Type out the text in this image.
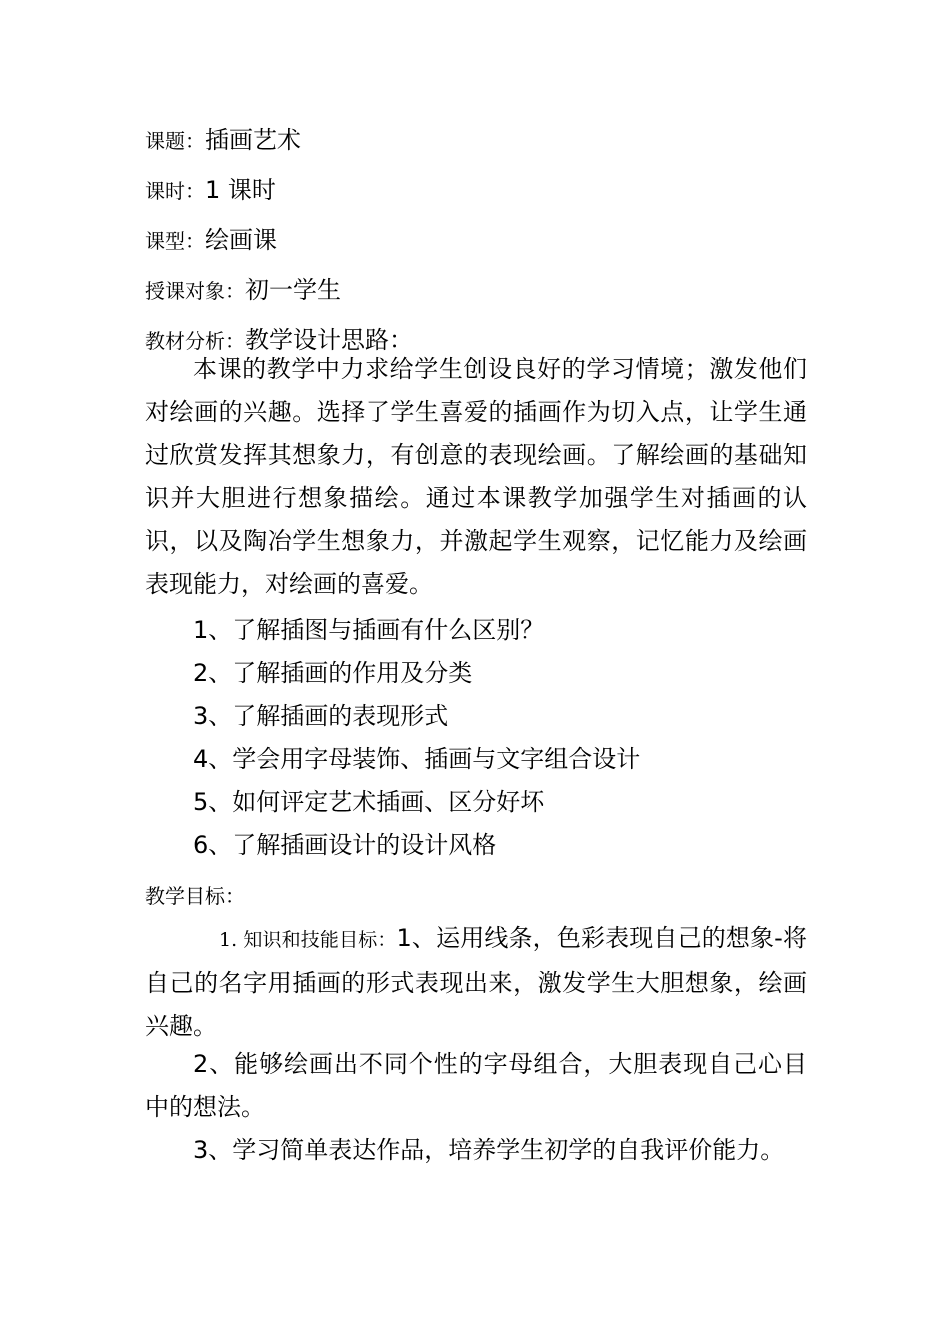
课题：插画艺术
课时：1 课时
课型：绘画课
授课对象：初一学生
教材分析：教学设计思路：
本课的教学中力求给学生创设良好的学习情境；激发他们对绘画的兴趣。选择了学生喜爱的插画作为切入点，让学生通过欣赏发挥其想象力，有创意的表现绘画。了解绘画的基础知识并大胆进行想象描绘。通过本课教学加强学生对插画的认识，以及陶冶学生想象力，并激起学生观察，记忆能力及绘画表现能力，对绘画的喜爱。
1、了解插图与插画有什么区别？
2、了解插画的作用及分类
3、了解插画的表现形式
4、学会用字母装饰、插画与文字组合设计
5、如何评定艺术插画、区分好坏
6、了解插画设计的设计风格
教学目标：
1. 知识和技能目标：1、运用线条，色彩表现自己的想象-将自己的名字用插画的形式表现出来，激发学生大胆想象，绘画兴趣。
2、能够绘画出不同个性的字母组合，大胆表现自己心目中的想法。
3、学习简单表达作品，培养学生初学的自我评价能力。
